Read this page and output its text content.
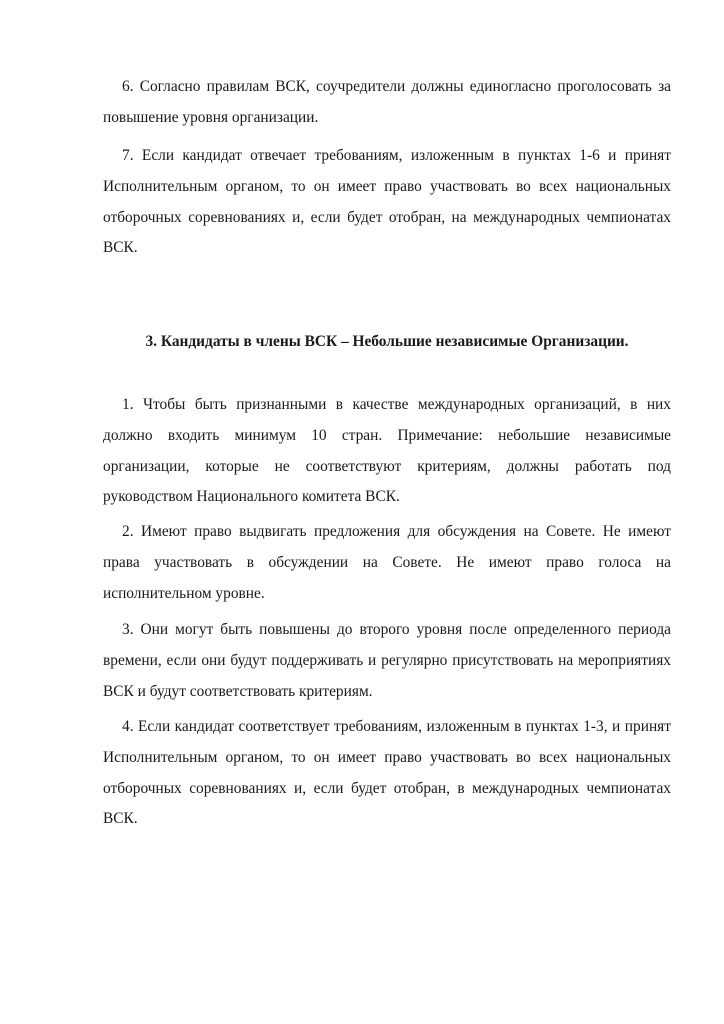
6. Согласно правилам ВСК, соучредители должны единогласно проголосовать за повышение уровня организации.

7. Если кандидат отвечает требованиям, изложенным в пунктах 1-6 и принят Исполнительным органом, то он имеет право участвовать во всех национальных отборочных соревнованиях и, если будет отобран, на международных чемпионатах ВСК.

3. Кандидаты в члены ВСК – Небольшие независимые Организации.

1. Чтобы быть признанными в качестве международных организаций, в них должно входить минимум 10 стран. Примечание: небольшие независимые организации, которые не соответствуют критериям, должны работать под руководством Национального комитета ВСК.

2. Имеют право выдвигать предложения для обсуждения на Совете. Не имеют права участвовать в обсуждении на Совете. Не имеют право голоса на исполнительном уровне.

3. Они могут быть повышены до второго уровня после определенного периода времени, если они будут поддерживать и регулярно присутствовать на мероприятиях ВСК и будут соответствовать критериям.

4. Если кандидат соответствует требованиям, изложенным в пунктах 1-3, и принят Исполнительным органом, то он имеет право участвовать во всех национальных отборочных соревнованиях и, если будет отобран, в международных чемпионатах ВСК.
